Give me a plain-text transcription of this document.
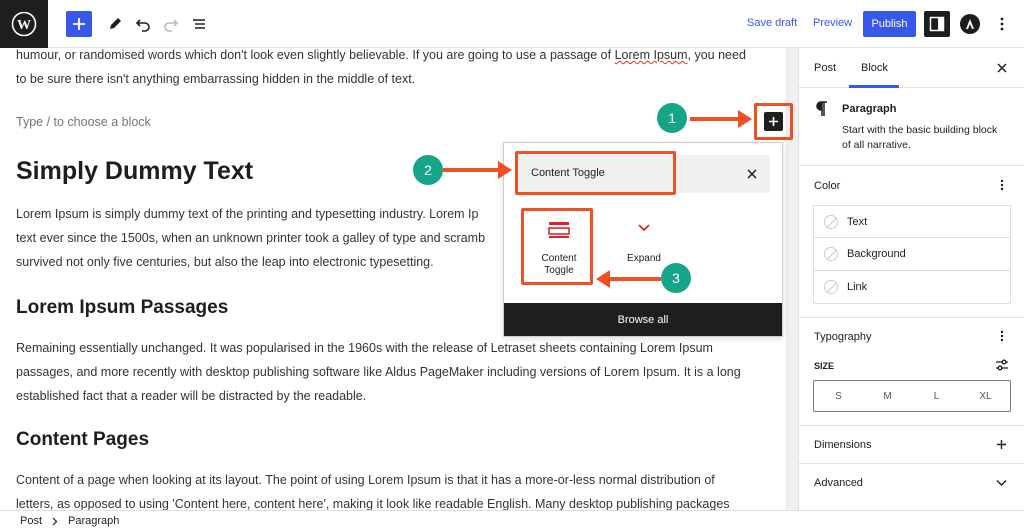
W	Save draft Preview	Publish
humour, or randomised words which don't look even slightly believable. If you are going to use a passage of Lorem Ipsum, you need
to be sure there isn't anything embarrassing hidden in the middle of text.
Type / to choose a block
Simply Dummy Text
Lorem Ipsum is simply dummy text of the printing and typesetting industry. Lorem Ip
text ever since the 1500s, when an unknown printer took a galley of type and scramb
survived not only five centuries, but also the leap into electronic typesetting.
Lorem Ipsum Passages
Remaining essentially unchanged. It was popularised in the 1960s with the release of Letraset sheets containing Lorem Ipsum
passages, and more recently with desktop publishing software like Aldus PageMaker including versions of Lorem Ipsum. It is a long
established fact that a reader will be distracted by the readable.
Content Pages
Content of a page when looking at its layout. The point of using Lorem Ipsum is that it has a more-or-less normal distribution of
letters, as opposed to using 'Content here, content here', making it look like readable English. Many desktop publishing packages
Content Toggle
Content
Toggle
Expand
Browse all
1
2
3
Post Block
Paragraph
Start with the basic building block
of all narrative.
Color
Text
Background
Link
Typography
SIZE
S	M	L	XL
Dimensions
Advanced
Post Paragraph
